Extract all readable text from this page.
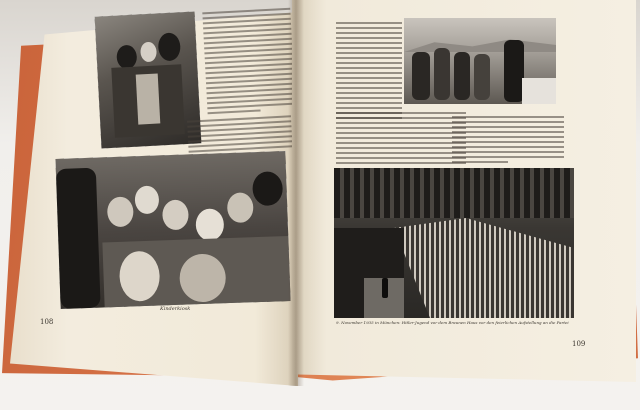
Kinderkiosk
108	9. November 1935 in München: Hitler-Jugend vor dem Braunen Haus vor den feierlichen Aufstellung an die Partei
109
